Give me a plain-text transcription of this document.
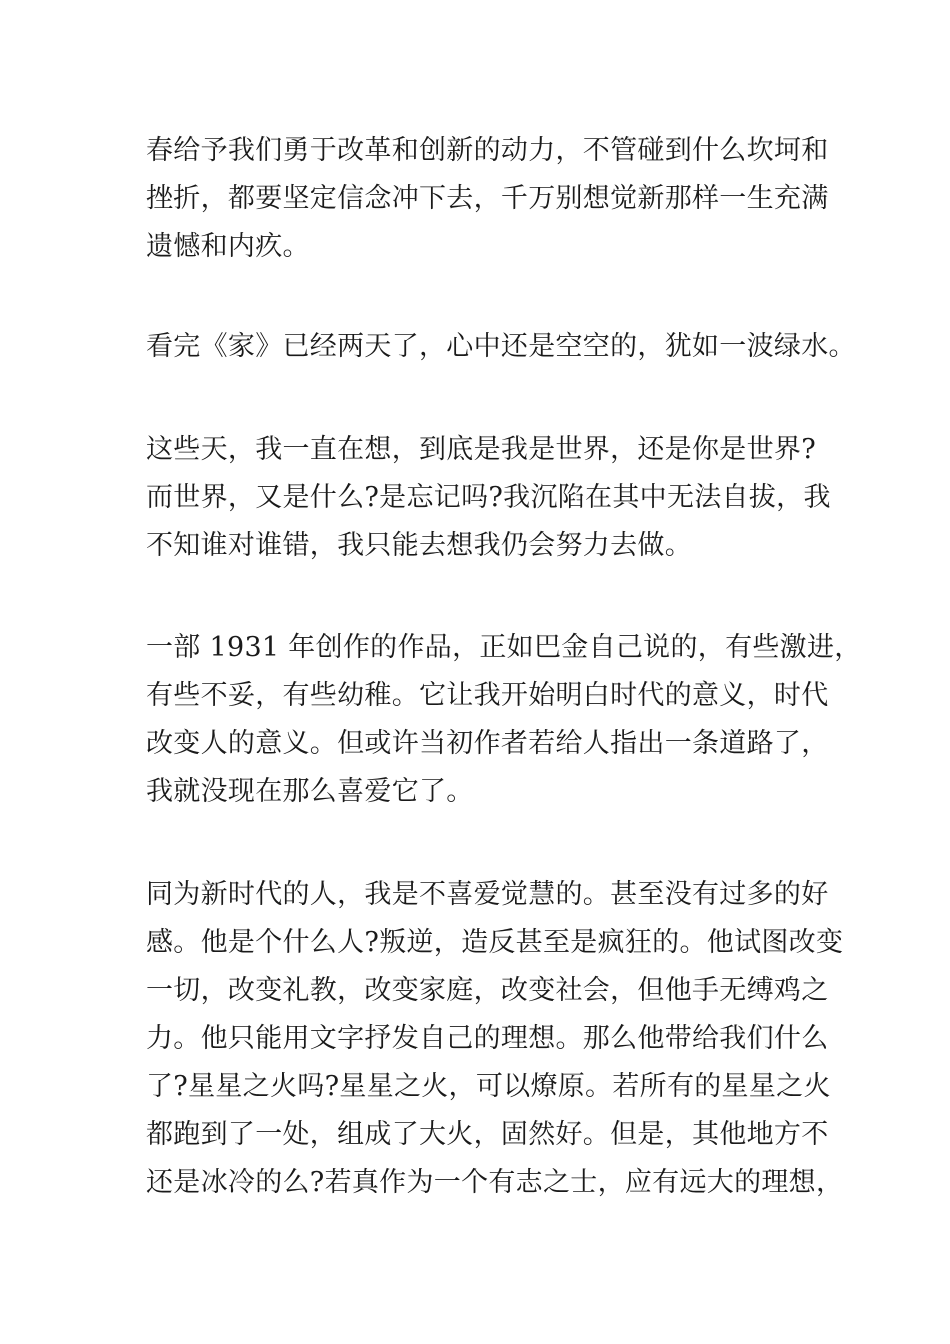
春给予我们勇于改革和创新的动力，不管碰到什么坎坷和
挫折，都要坚定信念冲下去，千万别想觉新那样一生充满
遗憾和内疚。
看完《家》已经两天了，心中还是空空的，犹如一波绿水。
这些天，我一直在想，到底是我是世界，还是你是世界?
而世界，又是什么?是忘记吗?我沉陷在其中无法自拔，我
不知谁对谁错，我只能去想我仍会努力去做。
一部 1931 年创作的作品，正如巴金自己说的，有些激进，
有些不妥，有些幼稚。它让我开始明白时代的意义，时代
改变人的意义。但或许当初作者若给人指出一条道路了，
我就没现在那么喜爱它了。
同为新时代的人，我是不喜爱觉慧的。甚至没有过多的好
感。他是个什么人?叛逆，造反甚至是疯狂的。他试图改变
一切，改变礼教，改变家庭，改变社会，但他手无缚鸡之
力。他只能用文字抒发自己的理想。那么他带给我们什么
了?星星之火吗?星星之火，可以燎原。若所有的星星之火
都跑到了一处，组成了大火，固然好。但是，其他地方不
还是冰冷的么?若真作为一个有志之士，应有远大的理想，
